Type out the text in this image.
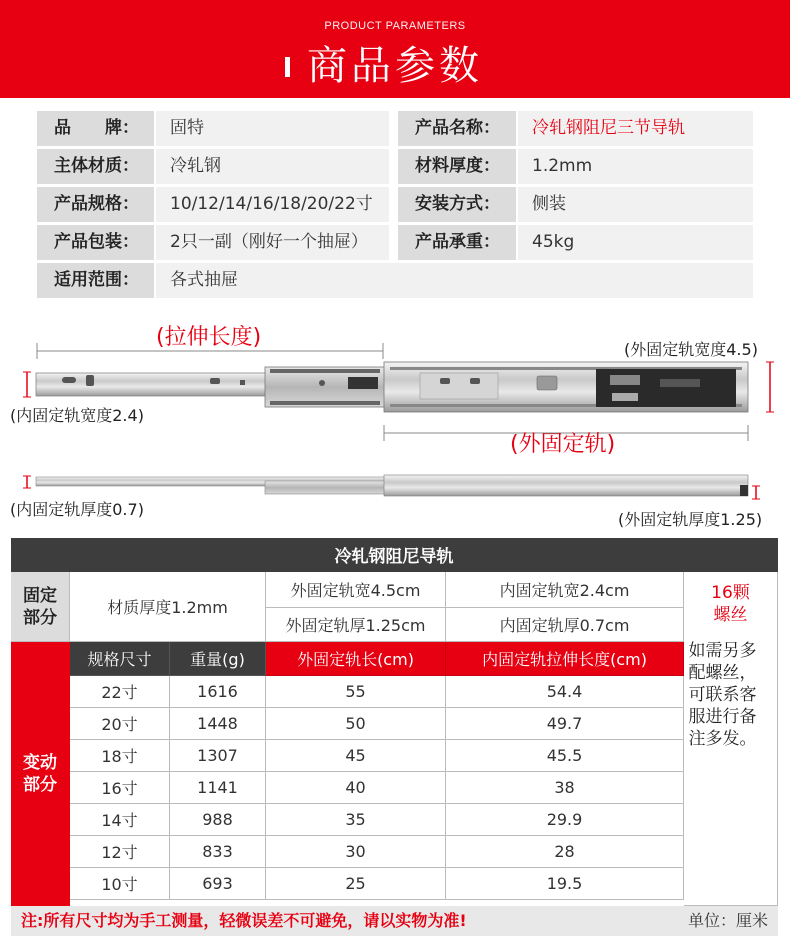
PRODUCT PARAMETERS
商品参数
品　　牌：	固特	产品名称：	冷轧钢阻尼三节导轨
主体材质：	冷轧钢	材料厚度：	1.2mm
产品规格：	10/12/14/16/18/20/22寸	安装方式：	侧装
产品包装：	2只一副（刚好一个抽屉）	产品承重：	45kg
适用范围：	各式抽屉
(拉伸长度)	(外固定轨宽度4.5)
(内固定轨宽度2.4)
(外固定轨)
(内固定轨厚度0.7)
(外固定轨厚度1.25)
冷轧钢阻尼导轨
固定
部分	材质厚度1.2mm
外固定轨宽4.5cm	内固定轨宽2.4cm
外固定轨厚1.25cm	内固定轨厚0.7cm
变动
部分
规格尺寸	重量(g)	外固定轨长(cm)	内固定轨拉伸长度(cm)
22寸	1616	55	54.4
20寸	1448	50	49.7
18寸	1307	45	45.5
16寸	1141	40	38
14寸	988	35	29.9
12寸	833	30	28
10寸	693	25	19.5
16颗
螺丝
如需另多
配螺丝，
可联系客
服进行备
注多发。
注:所有尺寸均为手工测量，轻微误差不可避免，请以实物为准!	单位：厘米
